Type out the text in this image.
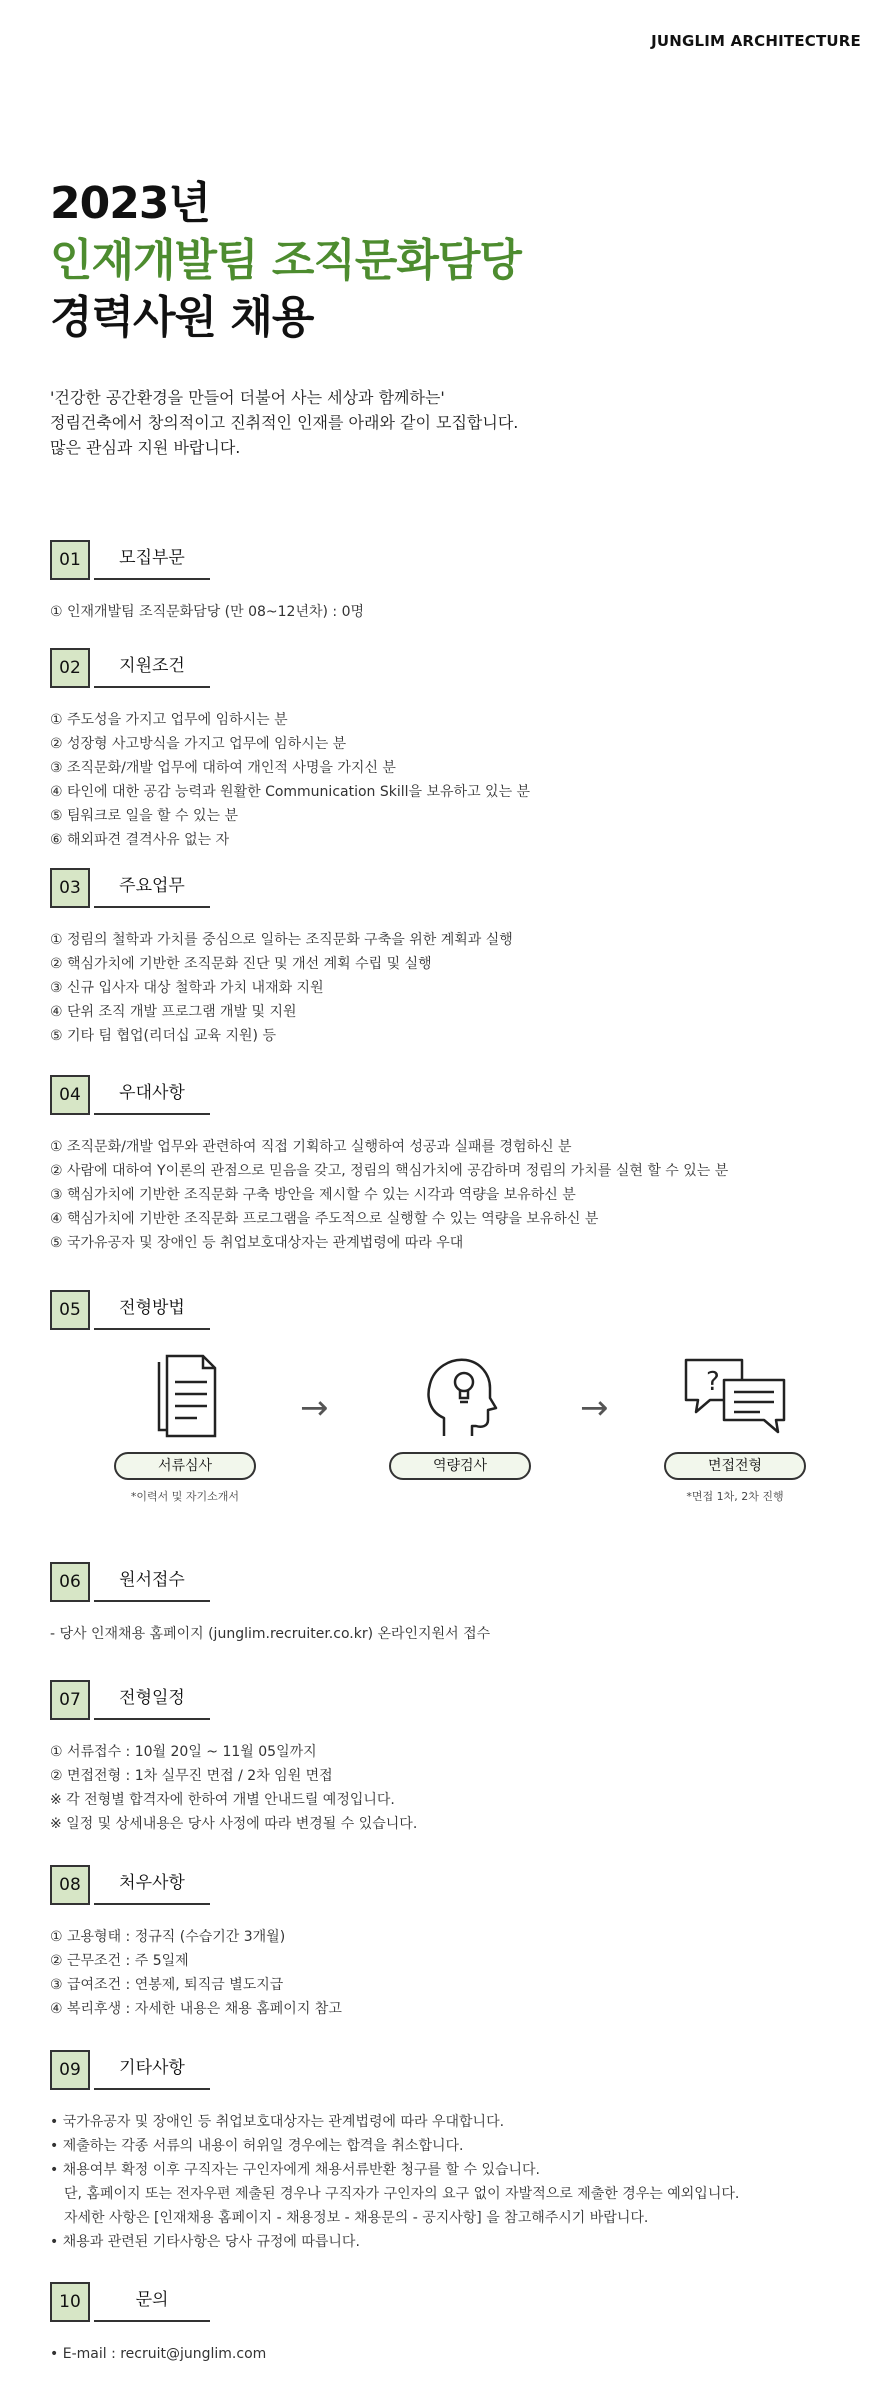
JUNGLIM ARCHITECTURE
2023년
인재개발팀 조직문화담당
경력사원 채용
'건강한 공간환경을 만들어 더불어 사는 세상과 함께하는'
정림건축에서 창의적이고 진취적인 인재를 아래와 같이 모집합니다.
많은 관심과 지원 바랍니다.
01	모집부문
① 인재개발팀 조직문화담당 (만 08~12년차) : 0명
02	지원조건
① 주도성을 가지고 업무에 임하시는 분
② 성장형 사고방식을 가지고 업무에 임하시는 분
③ 조직문화/개발 업무에 대하여 개인적 사명을 가지신 분
④ 타인에 대한 공감 능력과 원활한 Communication Skill을 보유하고 있는 분
⑤ 팀워크로 일을 할 수 있는 분
⑥ 해외파견 결격사유 없는 자
03	주요업무
① 정림의 철학과 가치를 중심으로 일하는 조직문화 구축을 위한 계획과 실행
② 핵심가치에 기반한 조직문화 진단 및 개선 계획 수립 및 실행
③ 신규 입사자 대상 철학과 가치 내재화 지원
④ 단위 조직 개발 프로그램 개발 및 지원
⑤ 기타 팀 협업(리더십 교육 지원) 등
04	우대사항
① 조직문화/개발 업무와 관련하여 직접 기획하고 실행하여 성공과 실패를 경험하신 분
② 사람에 대하여 Y이론의 관점으로 믿음을 갖고, 정림의 핵심가치에 공감하며 정림의 가치를 실현 할 수 있는 분
③ 핵심가치에 기반한 조직문화 구축 방안을 제시할 수 있는 시각과 역량을 보유하신 분
④ 핵심가치에 기반한 조직문화 프로그램을 주도적으로 실행할 수 있는 역량을 보유하신 분
⑤ 국가유공자 및 장애인 등 취업보호대상자는 관계법령에 따라 우대
05	전형방법
서류심사
*이력서 및 자기소개서
→
역량검사
→
?
면접전형
*면접 1차, 2차 진행
06	원서접수
- 당사 인재채용 홈페이지 (junglim.recruiter.co.kr) 온라인지원서 접수
07	전형일정
① 서류접수 : 10월 20일 ~ 11월 05일까지
② 면접전형 : 1차 실무진 면접 / 2차 임원 면접
※ 각 전형별 합격자에 한하여 개별 안내드릴 예정입니다.
※ 일정 및 상세내용은 당사 사정에 따라 변경될 수 있습니다.
08	처우사항
① 고용형태 : 정규직 (수습기간 3개월)
② 근무조건 : 주 5일제
③ 급여조건 : 연봉제, 퇴직금 별도지급
④ 복리후생 : 자세한 내용은 채용 홈페이지 참고
09	기타사항
• 국가유공자 및 장애인 등 취업보호대상자는 관계법령에 따라 우대합니다.
• 제출하는 각종 서류의 내용이 허위일 경우에는 합격을 취소합니다.
• 채용여부 확정 이후 구직자는 구인자에게 채용서류반환 청구를 할 수 있습니다.
단, 홈페이지 또는 전자우편 제출된 경우나 구직자가 구인자의 요구 없이 자발적으로 제출한 경우는 예외입니다.
자세한 사항은 [인재채용 홈페이지 - 채용정보 - 채용문의 - 공지사항] 을 참고해주시기 바랍니다.
• 채용과 관련된 기타사항은 당사 규정에 따릅니다.
10	문의
• E-mail : recruit@junglim.com
